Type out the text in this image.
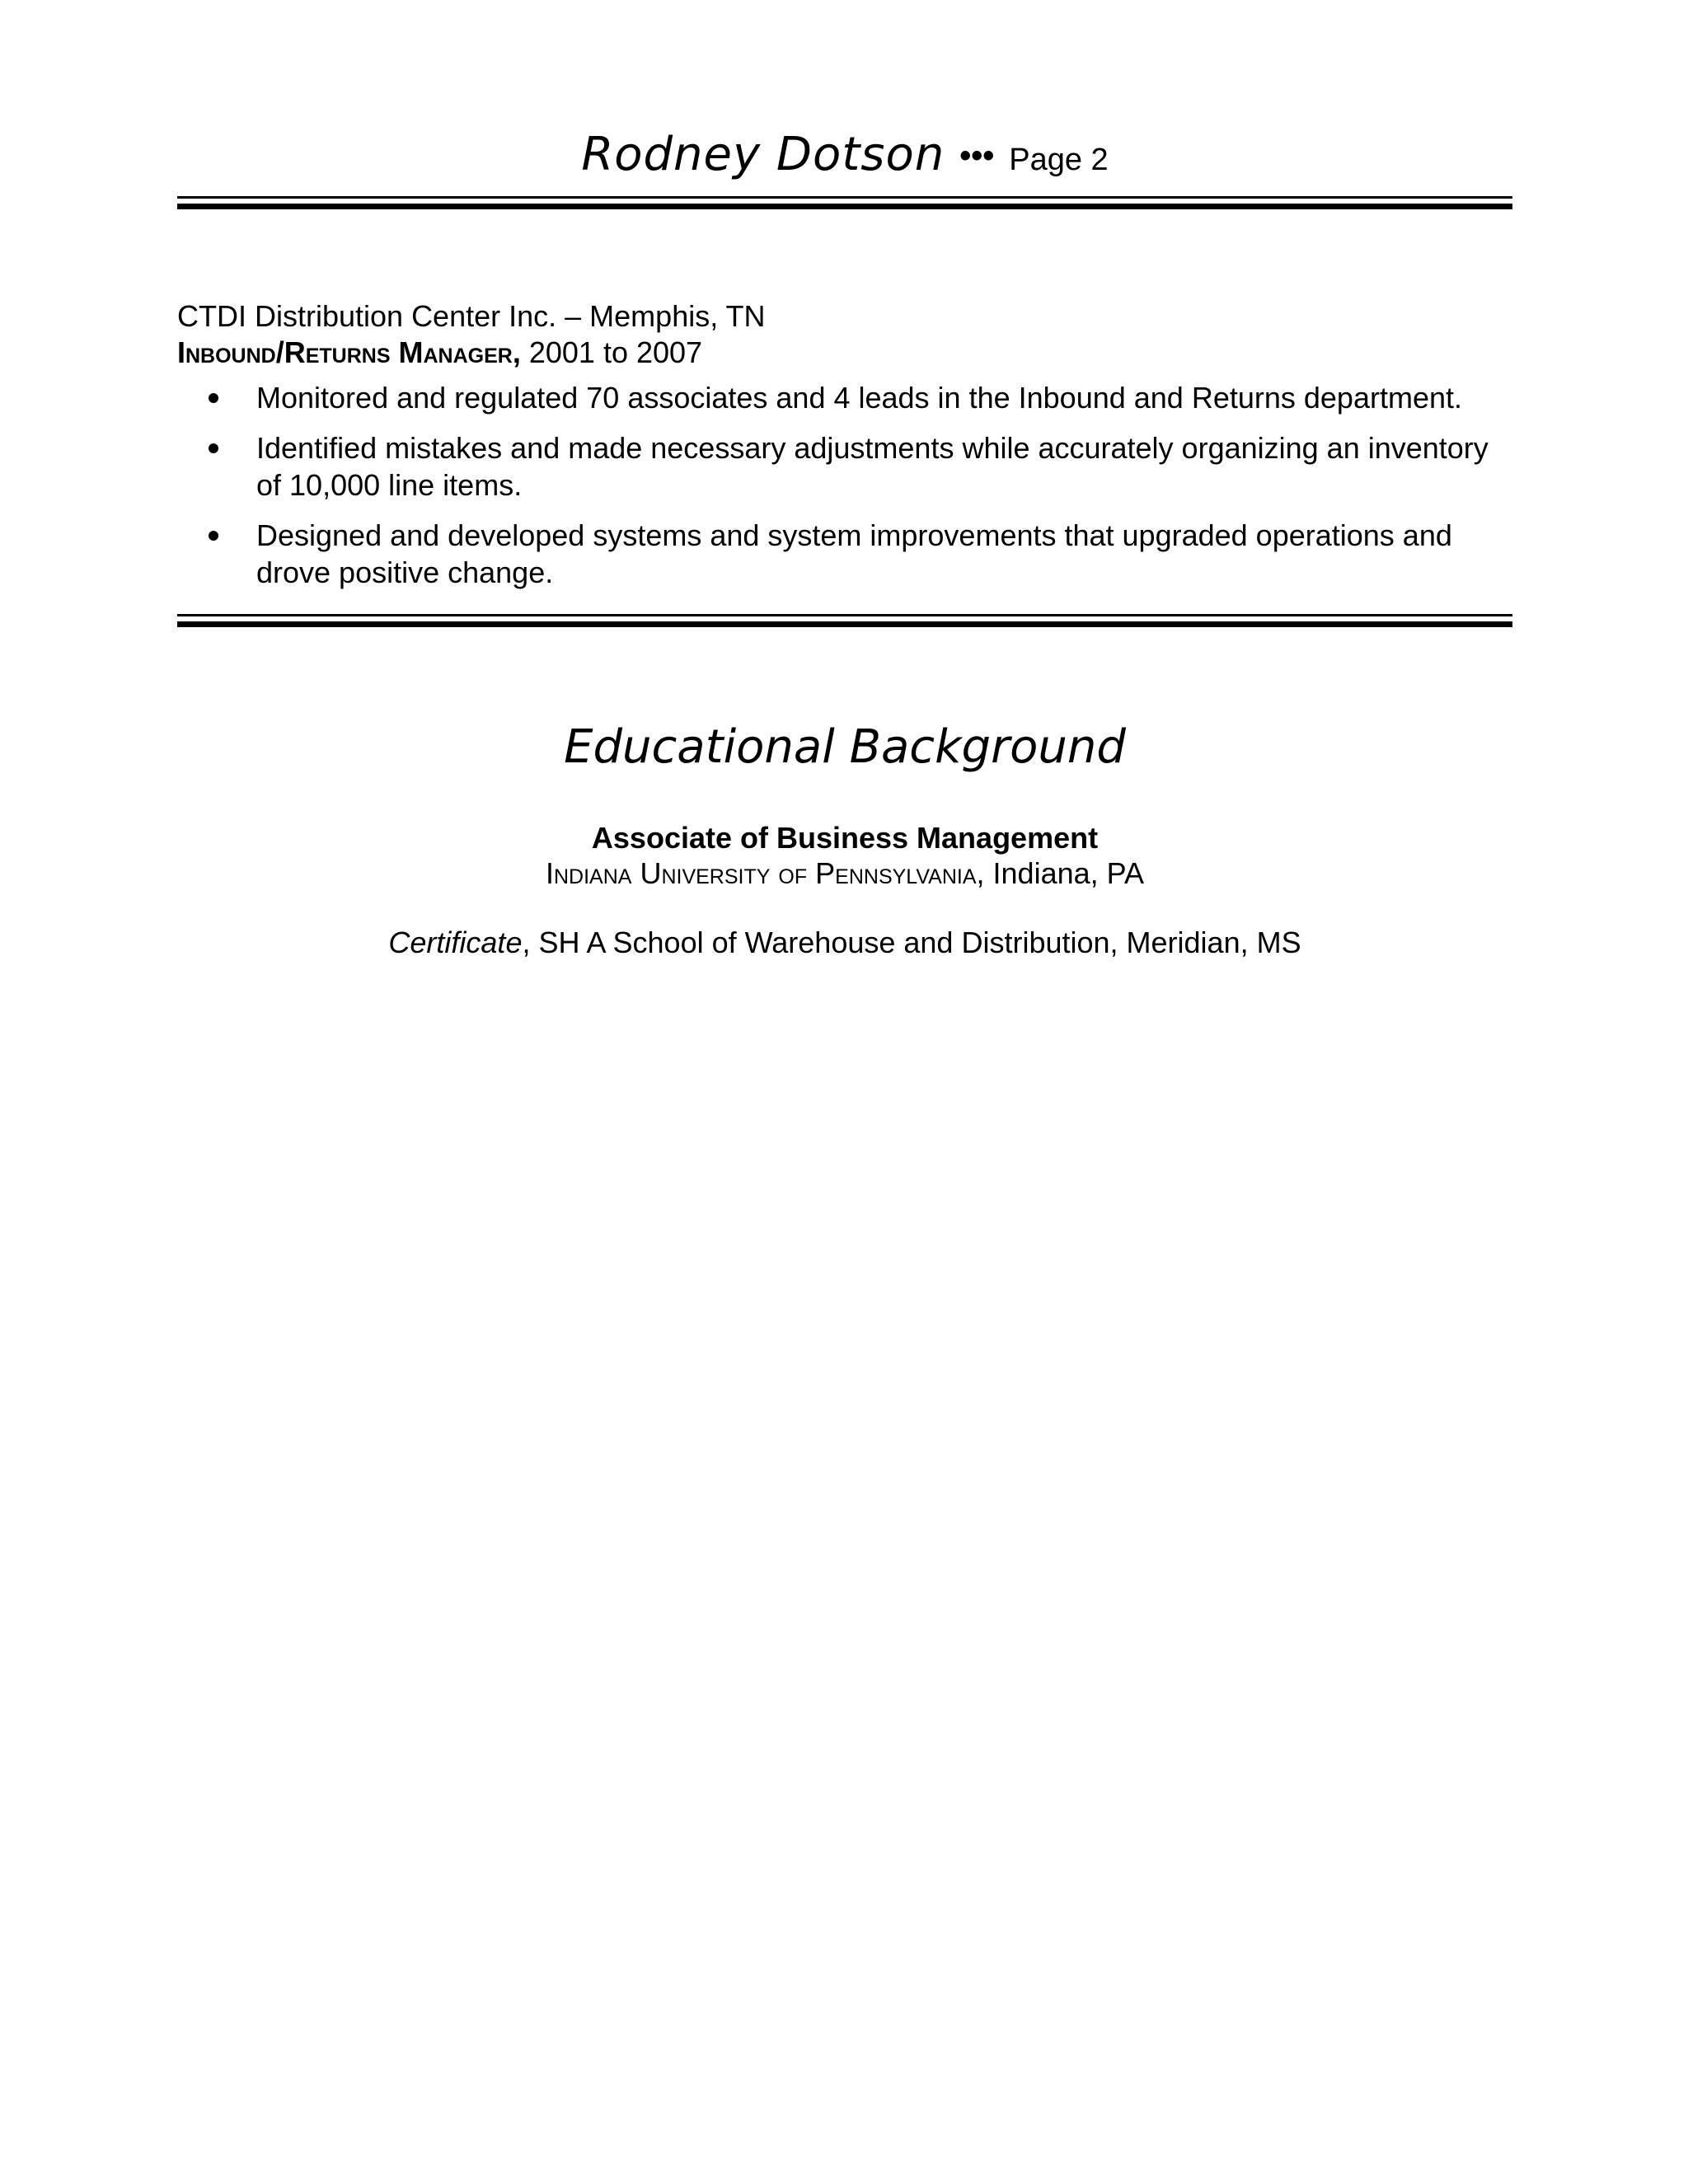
Rodney Dotson ••• Page 2
CTDI Distribution Center Inc. – Memphis, TN
Inbound/Returns Manager, 2001 to 2007
Monitored and regulated 70 associates and 4 leads in the Inbound and Returns department.
Identified mistakes and made necessary adjustments while accurately organizing an inventory of 10,000 line items.
Designed and developed systems and system improvements that upgraded operations and drove positive change.
Educational Background
Associate of Business Management
Indiana University of Pennsylvania, Indiana, PA
Certificate, SH A School of Warehouse and Distribution, Meridian, MS
